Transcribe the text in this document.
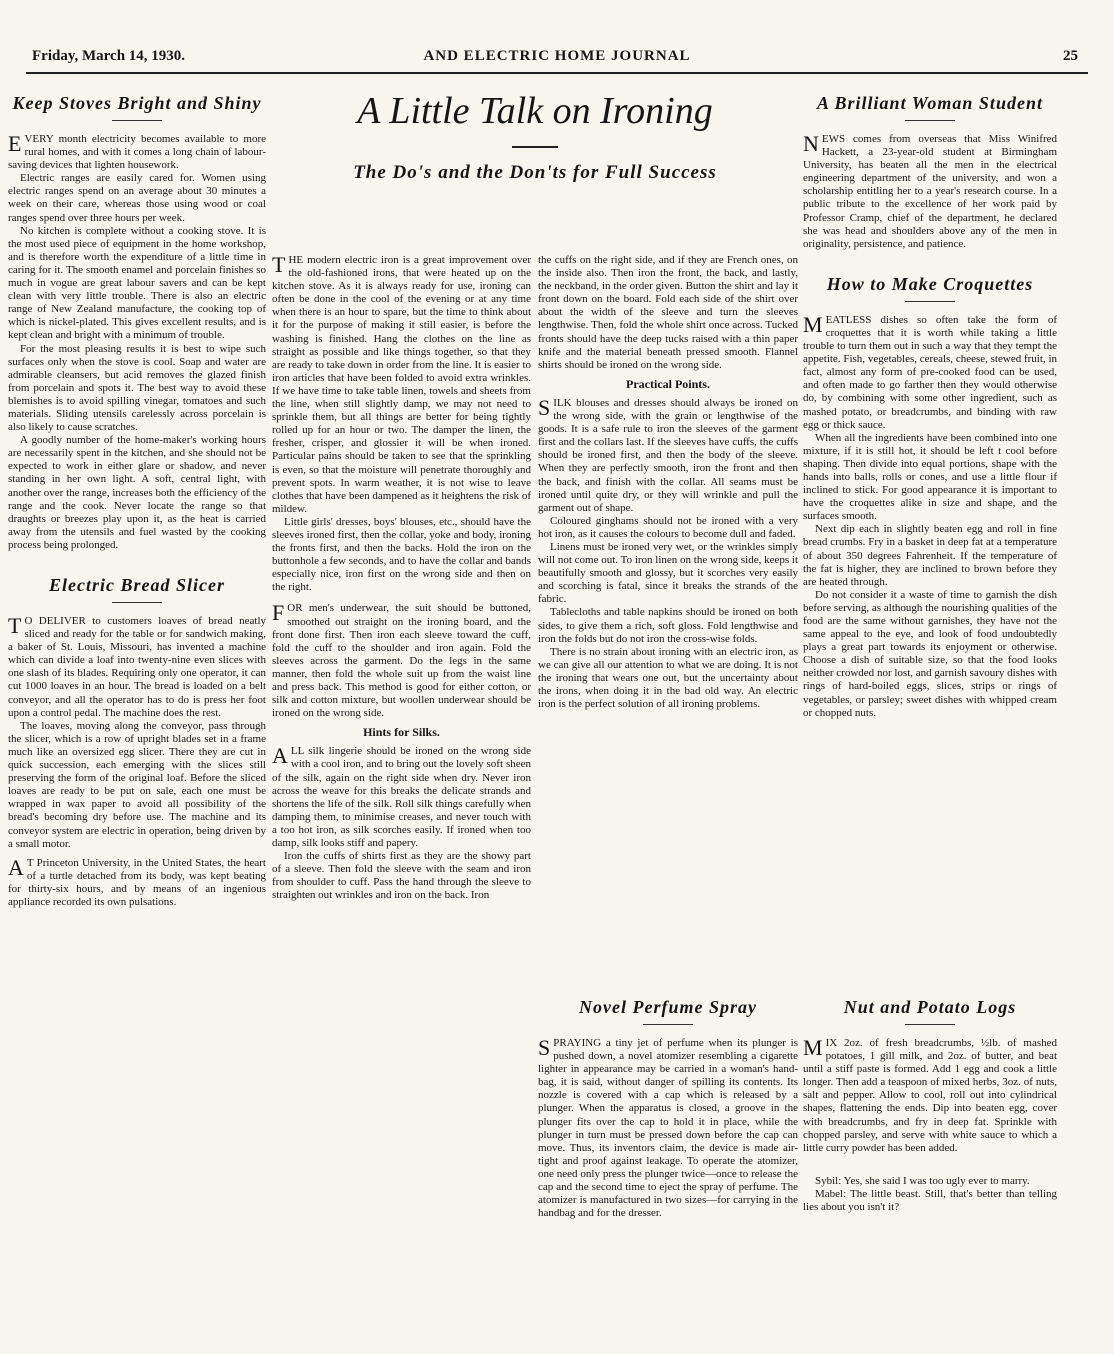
Friday, March 14, 1930.	AND ELECTRIC HOME JOURNAL	25
Keep Stoves Bright and Shiny

EVERY month electricity becomes available to more rural homes, and with it comes a long chain of labour-saving devices that lighten housework.

Electric ranges are easily cared for. Women using electric ranges spend on an average about 30 minutes a week on their care, whereas those using wood or coal ranges spend over three hours per week.

No kitchen is complete without a cooking stove. It is the most used piece of equipment in the home workshop, and is therefore worth the expenditure of a little time in caring for it. The smooth enamel and porcelain finishes so much in vogue are great labour savers and can be kept clean with very little trouble. There is also an electric range of New Zealand manufacture, the cooking top of which is nickel-plated. This gives excellent results, and is kept clean and bright with a minimum of trouble.

For the most pleasing results it is best to wipe such surfaces only when the stove is cool. Soap and water are admirable cleansers, but acid removes the glazed finish from porcelain and spots it. The best way to avoid these blemishes is to avoid spilling vinegar, tomatoes and such materials. Sliding utensils carelessly across porcelain is also likely to cause scratches.

A goodly number of the home-maker's working hours are necessarily spent in the kitchen, and she should not be expected to work in either glare or shadow, and never standing in her own light. A soft, central light, with another over the range, increases both the efficiency of the range and the cook. Never locate the range so that draughts or breezes play upon it, as the heat is carried away from the utensils and fuel wasted by the cooking process being prolonged.

Electric Bread Slicer

TO DELIVER to customers loaves of bread neatly sliced and ready for the table or for sandwich making, a baker of St. Louis, Missouri, has invented a machine which can divide a loaf into twenty-nine even slices with one slash of its blades. Requiring only one operator, it can cut 1000 loaves in an hour. The bread is loaded on a belt conveyor, and all the operator has to do is press her foot upon a control pedal. The machine does the rest.

The loaves, moving along the conveyor, pass through the slicer, which is a row of upright blades set in a frame much like an oversized egg slicer. There they are cut in quick succession, each emerging with the slices still preserving the form of the original loaf. Before the sliced loaves are ready to be put on sale, each one must be wrapped in wax paper to avoid all possibility of the bread's becoming dry before use. The machine and its conveyor system are electric in operation, being driven by a small motor.

AT Princeton University, in the United States, the heart of a turtle detached from its body, was kept beating for thirty-six hours, and by means of an ingenious appliance recorded its own pulsations.

A Little Talk on Ironing
The Do's and the Don'ts for Full Success

THE modern electric iron is a great improvement over the old-fashioned irons, that were heated up on the kitchen stove. As it is always ready for use, ironing can often be done in the cool of the evening or at any time when there is an hour to spare, but the time to think about it for the purpose of making it still easier, is before the washing is finished. Hang the clothes on the line as straight as possible and like things together, so that they are ready to take down in order from the line. It is easier to iron articles that have been folded to avoid extra wrinkles. If we have time to take table linen, towels and sheets from the line, when still slightly damp, we may not need to sprinkle them, but all things are better for being tightly rolled up for an hour or two. The damper the linen, the fresher, crisper, and glossier it will be when ironed. Particular pains should be taken to see that the sprinkling is even, so that the moisture will penetrate thoroughly and prevent spots. In warm weather, it is not wise to leave clothes that have been dampened as it heightens the risk of mildew.

Little girls' dresses, boys' blouses, etc., should have the sleeves ironed first, then the collar, yoke and body, ironing the fronts first, and then the backs. Hold the iron on the buttonhole a few seconds, and to have the collar and bands especially nice, iron first on the wrong side and then on the right.

FOR men's underwear, the suit should be buttoned, smoothed out straight on the ironing board, and the front done first. Then iron each sleeve toward the cuff, fold the cuff to the shoulder and iron again. Fold the sleeves across the garment. Do the legs in the same manner, then fold the whole suit up from the waist line and press back. This method is good for either cotton, or silk and cotton mixture, but woollen underwear should be ironed on the wrong side.

Hints for Silks.

ALL silk lingerie should be ironed on the wrong side with a cool iron, and to bring out the lovely soft sheen of the silk, again on the right side when dry. Never iron across the weave for this breaks the delicate strands and shortens the life of the silk. Roll silk things carefully when damping them, to minimise creases, and never touch with a too hot iron, as silk scorches easily. If ironed when too damp, silk looks stiff and papery.

Iron the cuffs of shirts first as they are the showy part of a sleeve. Then fold the sleeve with the seam and iron from shoulder to cuff. Pass the hand through the sleeve to straighten out wrinkles and iron on the back. Iron

the cuffs on the right side, and if they are French ones, on the inside also. Then iron the front, the back, and lastly, the neckband, in the order given. Button the shirt and lay it front down on the board. Fold each side of the shirt over about the width of the sleeve and turn the sleeves lengthwise. Then, fold the whole shirt once across. Tucked fronts should have the deep tucks raised with a thin paper knife and the material beneath pressed smooth. Flannel shirts should be ironed on the wrong side.

Practical Points.

SILK blouses and dresses should always be ironed on the wrong side, with the grain or lengthwise of the goods. It is a safe rule to iron the sleeves of the garment first and the collars last. If the sleeves have cuffs, the cuffs should be ironed first, and then the body of the sleeve. When they are perfectly smooth, iron the front and then the back, and finish with the collar. All seams must be ironed until quite dry, or they will wrinkle and pull the garment out of shape.

Coloured ginghams should not be ironed with a very hot iron, as it causes the colours to become dull and faded.

Linens must be ironed very wet, or the wrinkles simply will not come out. To iron linen on the wrong side, keeps it beautifully smooth and glossy, but it scorches very easily and scorching is fatal, since it breaks the strands of the fabric.

Tablecloths and table napkins should be ironed on both sides, to give them a rich, soft gloss. Fold lengthwise and iron the folds but do not iron the cross-wise folds.

There is no strain about ironing with an electric iron, as we can give all our attention to what we are doing. It is not the ironing that wears one out, but the uncertainty about the irons, when doing it in the bad old way. An electric iron is the perfect solution of all ironing problems.

Novel Perfume Spray

SPRAYING a tiny jet of perfume when its plunger is pushed down, a novel atomizer resembling a cigarette lighter in appearance may be carried in a woman's hand-bag, it is said, without danger of spilling its contents. Its nozzle is covered with a cap which is released by a plunger. When the apparatus is closed, a groove in the plunger fits over the cap to hold it in place, while the plunger in turn must be pressed down before the cap can move. Thus, its inventors claim, the device is made air-tight and proof against leakage. To operate the atomizer, one need only press the plunger twice—once to release the cap and the second time to eject the spray of perfume. The atomizer is manufactured in two sizes—for carrying in the handbag and for the dresser.

A Brilliant Woman Student

NEWS comes from overseas that Miss Winifred Hackett, a 23-year-old student at Birmingham University, has beaten all the men in the electrical engineering department of the university, and won a scholarship entitling her to a year's research course. In a public tribute to the excellence of her work paid by Professor Cramp, chief of the department, he declared she was head and shoulders above any of the men in originality, persistence, and patience.

How to Make Croquettes

MEATLESS dishes so often take the form of croquettes that it is worth while taking a little trouble to turn them out in such a way that they tempt the appetite. Fish, vegetables, cereals, cheese, stewed fruit, in fact, almost any form of pre-cooked food can be used, and often made to go farther then they would otherwise do, by combining with some other ingredient, such as mashed potato, or breadcrumbs, and binding with raw egg or thick sauce.

When all the ingredients have been combined into one mixture, if it is still hot, it should be left t cool before shaping. Then divide into equal portions, shape with the hands into balls, rolls or cones, and use a little flour if inclined to stick. For good appearance it is important to have the croquettes alike in size and shape, and the surfaces smooth.

Next dip each in slightly beaten egg and roll in fine bread crumbs. Fry in a basket in deep fat at a temperature of about 350 degrees Fahrenheit. If the temperature of the fat is higher, they are inclined to brown before they are heated through.

Do not consider it a waste of time to garnish the dish before serving, as although the nourishing qualities of the food are the same without garnishes, they have not the same appeal to the eye, and look of food undoubtedly plays a great part towards its enjoyment or otherwise. Choose a dish of suitable size, so that the food looks neither crowded nor lost, and garnish savoury dishes with rings of hard-boiled eggs, slices, strips or rings of vegetables, or parsley; sweet dishes with whipped cream or chopped nuts.

Nut and Potato Logs

MIX 2oz. of fresh breadcrumbs, ½lb. of mashed potatoes, 1 gill milk, and 2oz. of butter, and beat until a stiff paste is formed. Add 1 egg and cook a little longer. Then add a teaspoon of mixed herbs, 3oz. of nuts, salt and pepper. Allow to cool, roll out into cylindrical shapes, flattening the ends. Dip into beaten egg, cover with breadcrumbs, and fry in deep fat. Sprinkle with chopped parsley, and serve with white sauce to which a little curry powder has been added.

Sybil: Yes, she said I was too ugly ever to marry.

Mabel: The little beast. Still, that's better than telling lies about you isn't it?
